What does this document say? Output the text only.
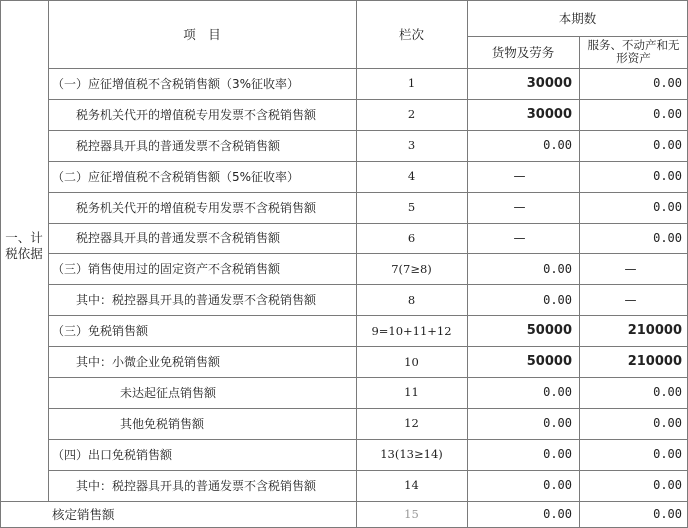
项　目	栏次
本期数
货物及劳务	服务、不动产和无形资产
一、计税依据
核定销售额	15	0.00	0.00
（一）应征增值税不含税销售额（3%征收率）	1	30000	0.00
税务机关代开的增值税专用发票不含税销售额	2	30000	0.00
税控器具开具的普通发票不含税销售额	3	0.00	0.00
（二）应征增值税不含税销售额（5%征收率）	4	—	0.00
税务机关代开的增值税专用发票不含税销售额	5	—	0.00
税控器具开具的普通发票不含税销售额	6	—	0.00
（三）销售使用过的固定资产不含税销售额	7(7≥8)	0.00	—
其中：税控器具开具的普通发票不含税销售额	8	0.00	—
（三）免税销售额	9=10+11+12	50000	210000
其中：小微企业免税销售额	10	50000	210000
未达起征点销售额	11	0.00	0.00
其他免税销售额	12	0.00	0.00
（四）出口免税销售额	13(13≥14)	0.00	0.00
其中：税控器具开具的普通发票不含税销售额	14	0.00	0.00
